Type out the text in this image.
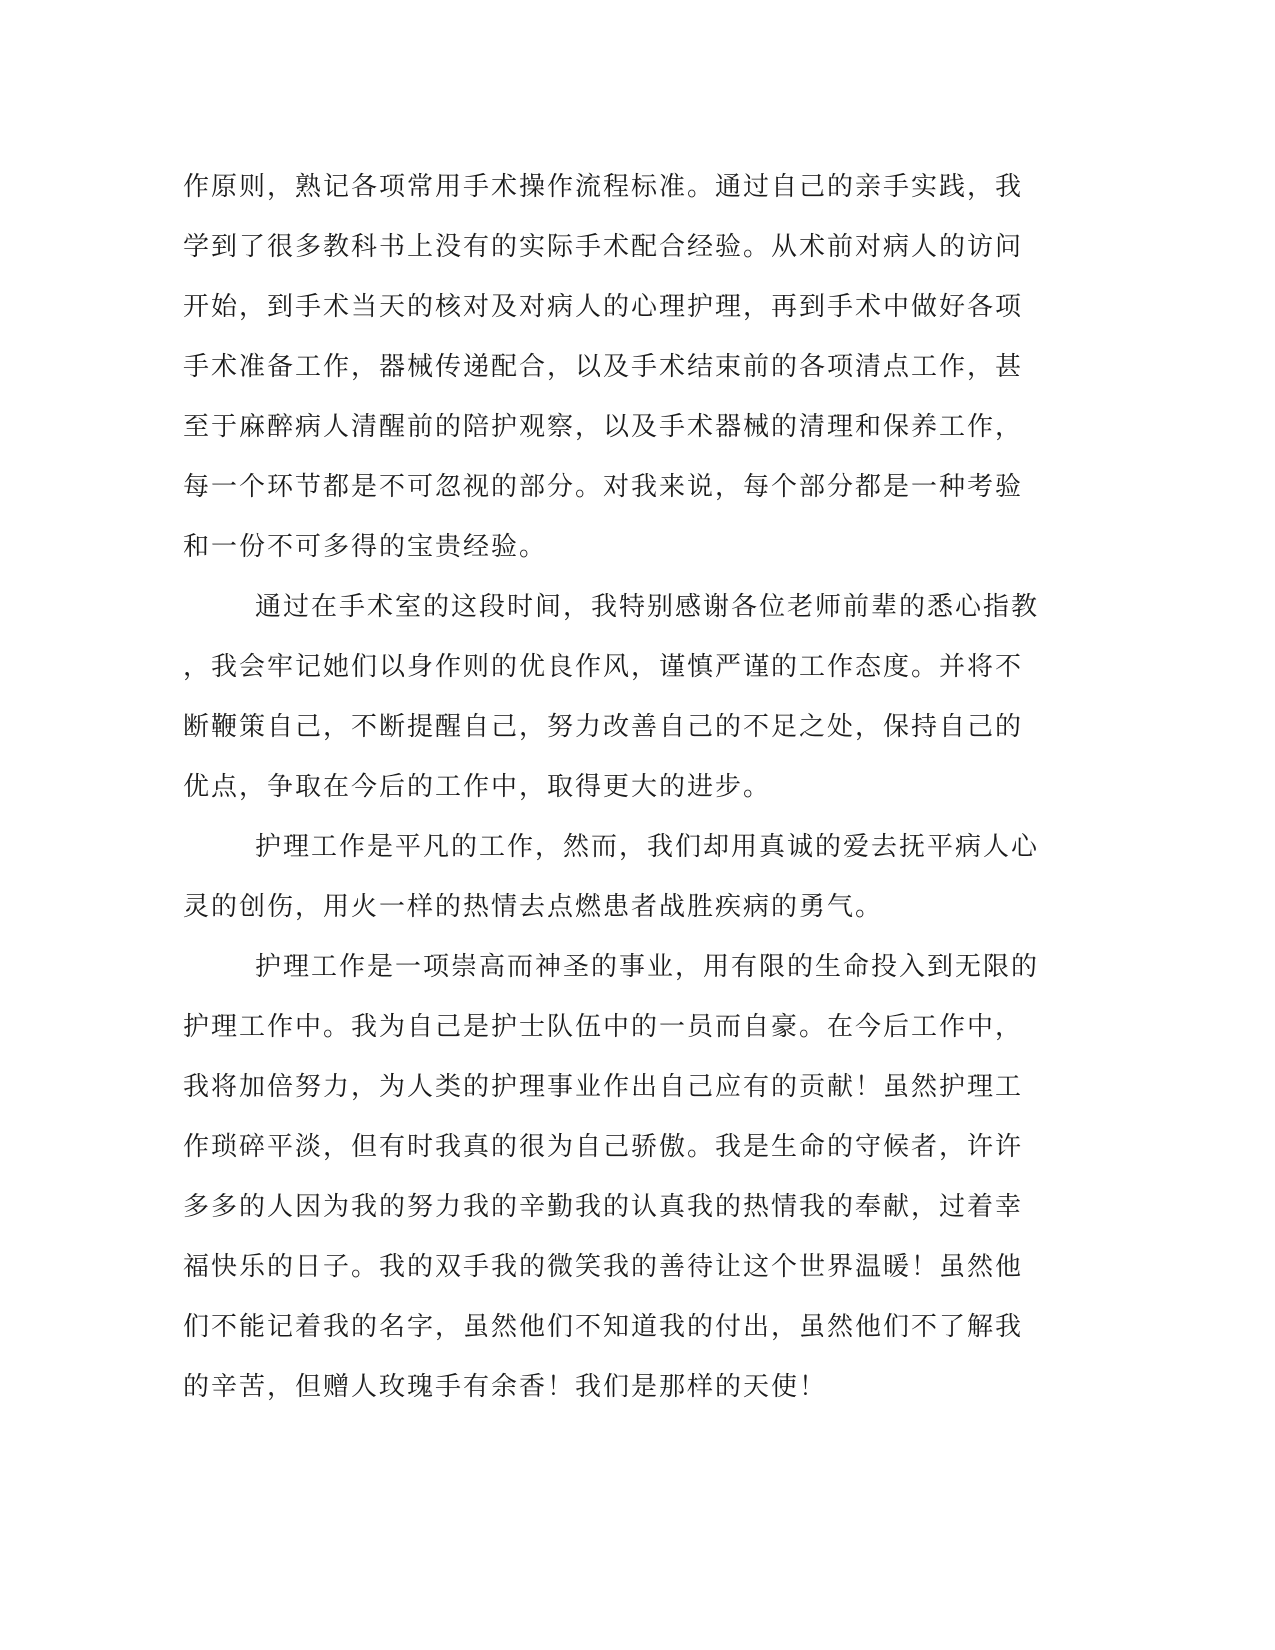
作原则，熟记各项常用手术操作流程标准。通过自己的亲手实践，我
学到了很多教科书上没有的实际手术配合经验。从术前对病人的访问
开始，到手术当天的核对及对病人的心理护理，再到手术中做好各项
手术准备工作，器械传递配合，以及手术结束前的各项清点工作，甚
至于麻醉病人清醒前的陪护观察，以及手术器械的清理和保养工作，
每一个环节都是不可忽视的部分。对我来说，每个部分都是一种考验
和一份不可多得的宝贵经验。
通过在手术室的这段时间，我特别感谢各位老师前辈的悉心指教
，我会牢记她们以身作则的优良作风，谨慎严谨的工作态度。并将不
断鞭策自己，不断提醒自己，努力改善自己的不足之处，保持自己的
优点，争取在今后的工作中，取得更大的进步。
护理工作是平凡的工作，然而，我们却用真诚的爱去抚平病人心
灵的创伤，用火一样的热情去点燃患者战胜疾病的勇气。
护理工作是一项崇高而神圣的事业，用有限的生命投入到无限的
护理工作中。我为自己是护士队伍中的一员而自豪。在今后工作中，
我将加倍努力，为人类的护理事业作出自己应有的贡献！虽然护理工
作琐碎平淡，但有时我真的很为自己骄傲。我是生命的守候者，许许
多多的人因为我的努力我的辛勤我的认真我的热情我的奉献，过着幸
福快乐的日子。我的双手我的微笑我的善待让这个世界温暖！虽然他
们不能记着我的名字，虽然他们不知道我的付出，虽然他们不了解我
的辛苦，但赠人玫瑰手有余香！我们是那样的天使！
